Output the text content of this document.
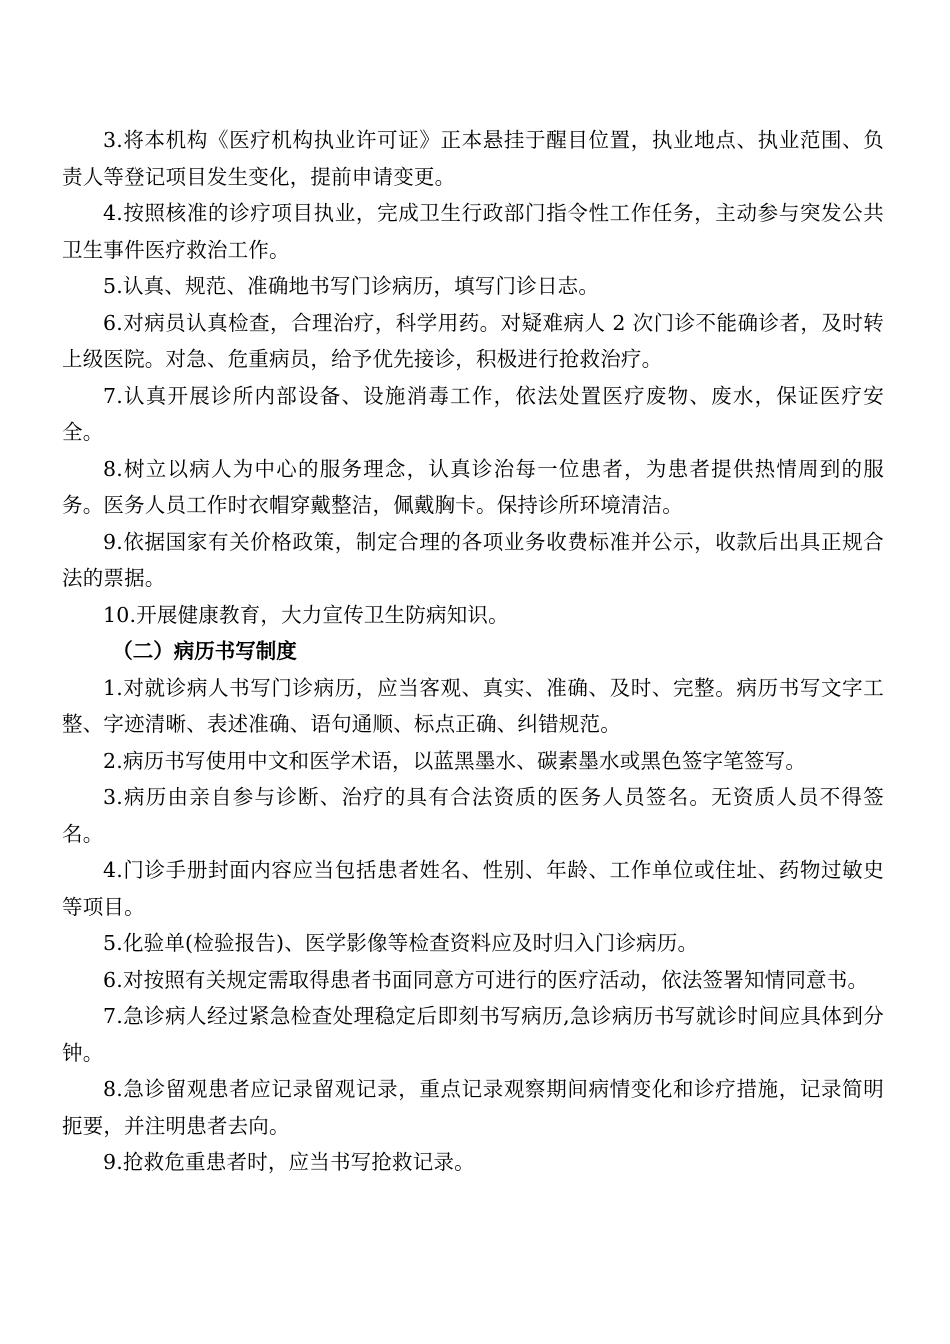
3.将本机构《医疗机构执业许可证》正本悬挂于醒目位置，执业地点、执业范围、负责人等登记项目发生变化，提前申请变更。

4.按照核准的诊疗项目执业，完成卫生行政部门指令性工作任务，主动参与突发公共卫生事件医疗救治工作。

5.认真、规范、准确地书写门诊病历，填写门诊日志。

6.对病员认真检查，合理治疗，科学用药。对疑难病人 2 次门诊不能确诊者，及时转上级医院。对急、危重病员，给予优先接诊，积极进行抢救治疗。

7.认真开展诊所内部设备、设施消毒工作，依法处置医疗废物、废水，保证医疗安全。

8.树立以病人为中心的服务理念，认真诊治每一位患者，为患者提供热情周到的服务。医务人员工作时衣帽穿戴整洁，佩戴胸卡。保持诊所环境清洁。

9.依据国家有关价格政策，制定合理的各项业务收费标准并公示，收款后出具正规合法的票据。

10.开展健康教育，大力宣传卫生防病知识。

（二）病历书写制度

1.对就诊病人书写门诊病历，应当客观、真实、准确、及时、完整。病历书写文字工整、字迹清晰、表述准确、语句通顺、标点正确、纠错规范。

2.病历书写使用中文和医学术语，以蓝黑墨水、碳素墨水或黑色签字笔签写。

3.病历由亲自参与诊断、治疗的具有合法资质的医务人员签名。无资质人员不得签名。

4.门诊手册封面内容应当包括患者姓名、性别、年龄、工作单位或住址、药物过敏史等项目。

5.化验单(检验报告)、医学影像等检查资料应及时归入门诊病历。

6.对按照有关规定需取得患者书面同意方可进行的医疗活动，依法签署知情同意书。

7.急诊病人经过紧急检查处理稳定后即刻书写病历,急诊病历书写就诊时间应具体到分钟。

8.急诊留观患者应记录留观记录，重点记录观察期间病情变化和诊疗措施，记录简明扼要，并注明患者去向。

9.抢救危重患者时，应当书写抢救记录。
